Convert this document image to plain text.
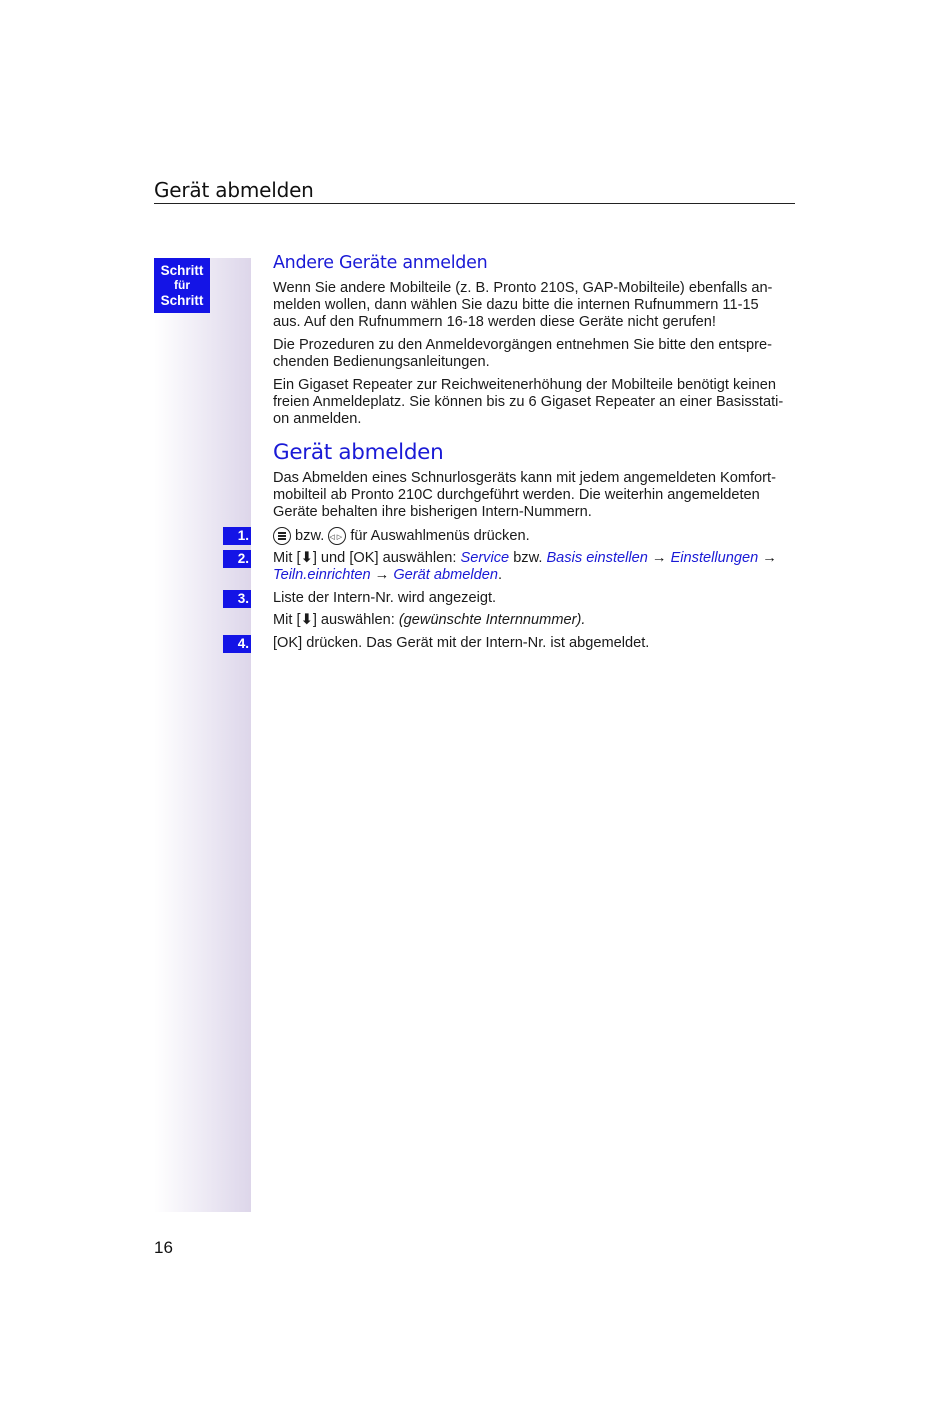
Gerät abmelden
Schritt
für
Schritt
Andere Geräte anmelden
Wenn Sie andere Mobilteile (z. B. Pronto 210S, GAP-Mobilteile) ebenfalls an-
melden wollen, dann wählen Sie dazu bitte die internen Rufnummern 11-15
aus. Auf den Rufnummern 16-18 werden diese Geräte nicht gerufen!
Die Prozeduren zu den Anmeldevorgängen entnehmen Sie bitte den entspre-
chenden Bedienungsanleitungen.
Ein Gigaset Repeater zur Reichweitenerhöhung der Mobilteile benötigt keinen
freien Anmeldeplatz. Sie können bis zu 6 Gigaset Repeater an einer Basisstati-
on anmelden.
Gerät abmelden
Das Abmelden eines Schnurlosgeräts kann mit jedem angemeldeten Komfort-
mobilteil ab Pronto 210C durchgeführt werden. Die weiterhin angemeldeten
Geräte behalten ihre bisherigen Intern-Nummern.
1.	bzw. ◁▷ für Auswahlmenüs drücken.
2. Mit [⬇] und [OK] auswählen: Service bzw. Basis einstellen → Einstellungen →
Teiln.einrichten → Gerät abmelden.
3. Liste der Intern-Nr. wird angezeigt.
Mit [⬇] auswählen: (gewünschte Internnummer).
4. [OK] drücken. Das Gerät mit der Intern-Nr. ist abgemeldet.
16
